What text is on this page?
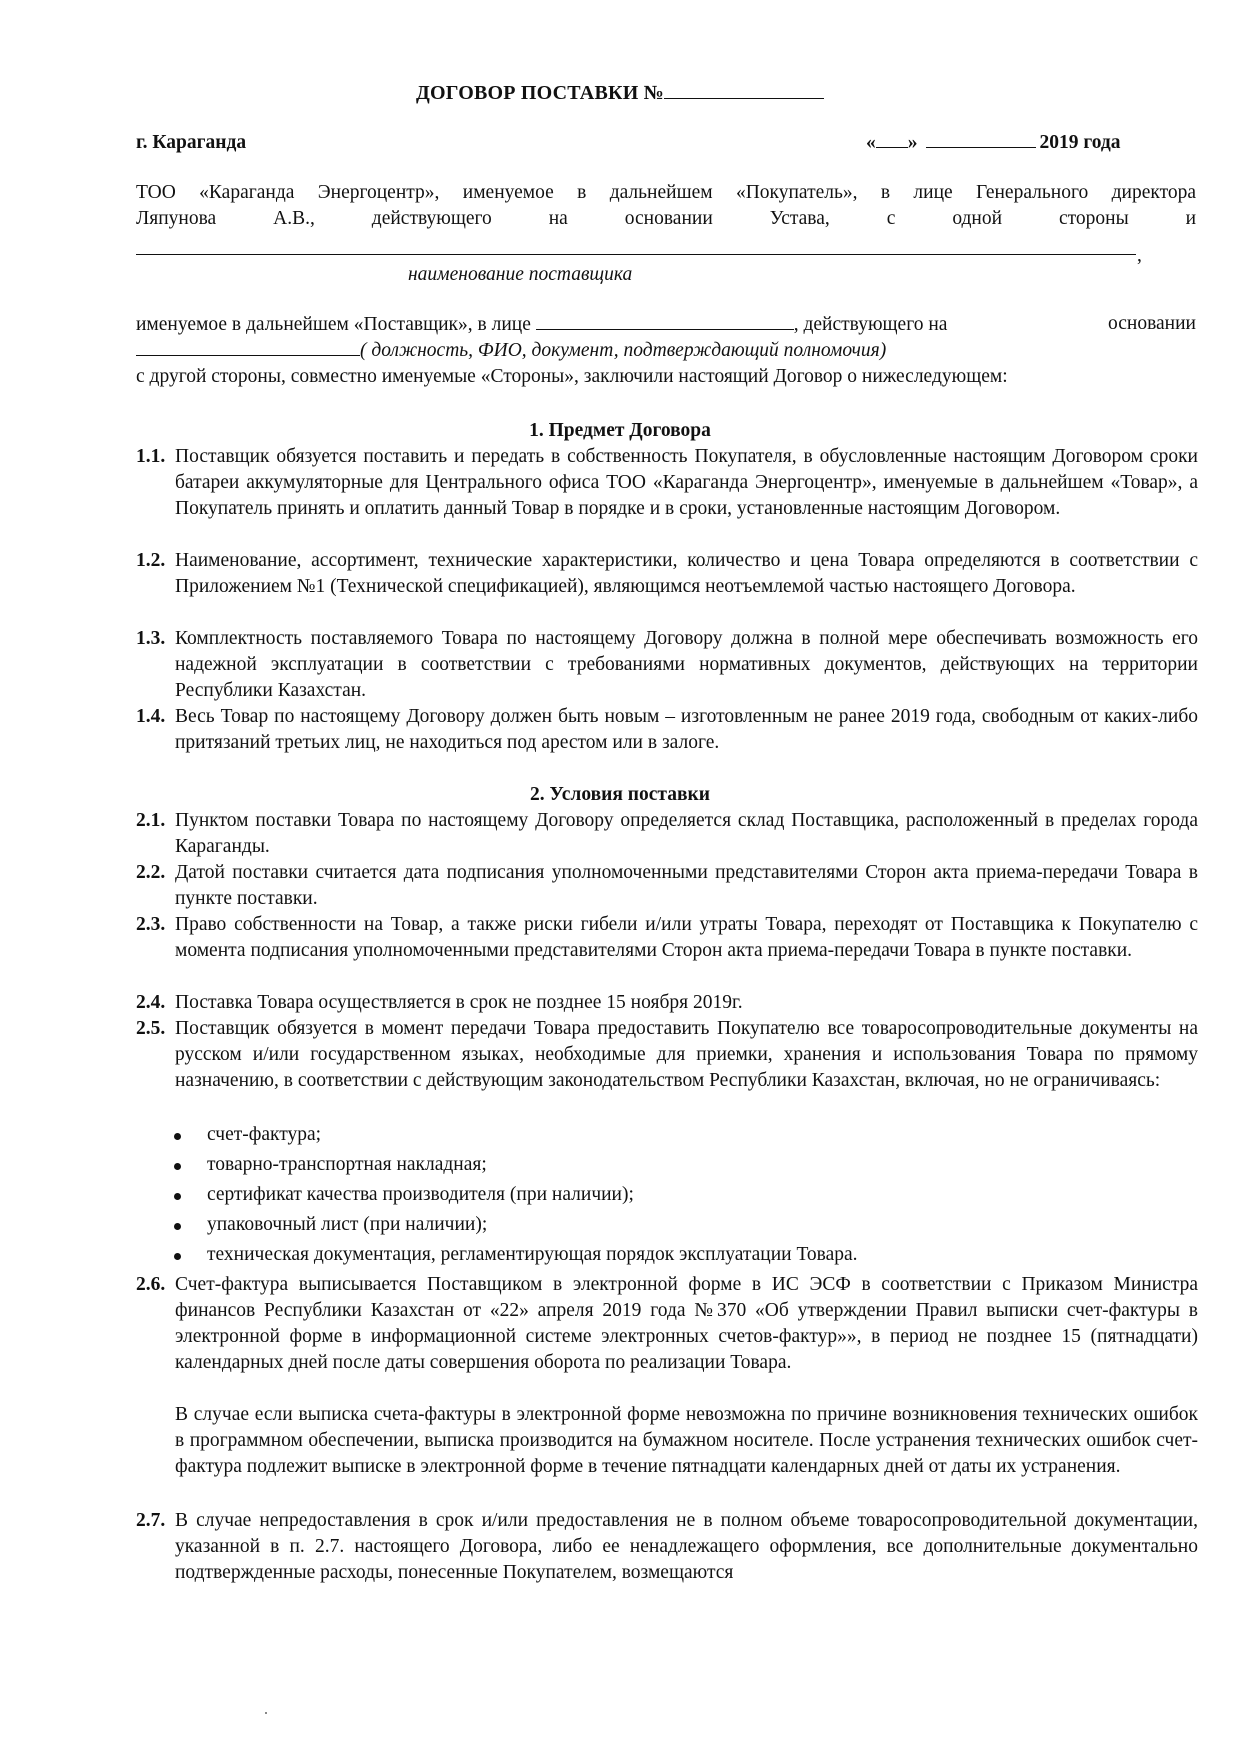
ДОГОВОР ПОСТАВКИ №
г. Караганда	« »	2019 года
ТОО «Караганда Энергоцентр», именуемое в дальнейшем «Покупатель», в лице Генерального директора
Ляпунова	А.В.,	действующего	на	основании	Устава,	с	одной	стороны	и
,
наименование поставщика
именуемое в дальнейшем «Поставщик», в лице	, действующего на	основании
( должность, ФИО, документ, подтверждающий полномочия)
с другой стороны, совместно именуемые «Стороны», заключили настоящий Договор о нижеследующем:
1. Предмет Договора
1.1. Поставщик обязуется поставить и передать в собственность Покупателя, в обусловленные настоящим Договором сроки батареи аккумуляторные для Центрального офиса ТОО «Караганда Энергоцентр», именуемые в дальнейшем «Товар», а Покупатель принять и оплатить данный Товар в порядке и в сроки, установленные настоящим Договором.
1.2. Наименование, ассортимент, технические характеристики, количество и цена Товара определяются в соответствии с Приложением №1 (Технической спецификацией), являющимся неотъемлемой частью настоящего Договора.
1.3. Комплектность поставляемого Товара по настоящему Договору должна в полной мере обеспечивать возможность его надежной эксплуатации в соответствии с требованиями нормативных документов, действующих на территории Республики Казахстан.
1.4. Весь Товар по настоящему Договору должен быть новым – изготовленным не ранее 2019 года, свободным от каких-либо притязаний третьих лиц, не находиться под арестом или в залоге.
2. Условия поставки
2.1. Пунктом поставки Товара по настоящему Договору определяется склад Поставщика, расположенный в пределах города Караганды.
2.2. Датой поставки считается дата подписания уполномоченными представителями Сторон акта приема-передачи Товара в пункте поставки.
2.3. Право собственности на Товар, а также риски гибели и/или утраты Товара, переходят от Поставщика к Покупателю с момента подписания уполномоченными представителями Сторон акта приема-передачи Товара в пункте поставки.
2.4. Поставка Товара осуществляется в срок не позднее 15 ноября 2019г.
2.5. Поставщик обязуется в момент передачи Товара предоставить Покупателю все товаросопроводительные документы на русском и/или государственном языках, необходимые для приемки, хранения и использования Товара по прямому назначению, в соответствии с действующим законодательством Республики Казахстан, включая, но не ограничиваясь:
счет-фактура;
товарно-транспортная накладная;
сертификат качества производителя (при наличии);
упаковочный лист (при наличии);
техническая документация, регламентирующая порядок эксплуатации Товара.
2.6. Счет-фактура выписывается Поставщиком в электронной форме в ИС ЭСФ в соответствии с Приказом Министра финансов Республики Казахстан от «22» апреля 2019 года №370 «Об утверждении Правил выписки счет-фактуры в электронной форме в информационной системе электронных счетов-фактур»», в период не позднее 15 (пятнадцати) календарных дней после даты совершения оборота по реализации Товара.
В случае если выписка счета-фактуры в электронной форме невозможна по причине возникновения технических ошибок в программном обеспечении, выписка производится на бумажном носителе. После устранения технических ошибок счет-фактура подлежит выписке в электронной форме в течение пятнадцати календарных дней от даты их устранения.
2.7. В случае непредоставления в срок и/или предоставления не в полном объеме товаросопроводительной документации, указанной в п. 2.7. настоящего Договора, либо ее ненадлежащего оформления, все дополнительные документально подтвержденные расходы, понесенные Покупателем, возмещаются
